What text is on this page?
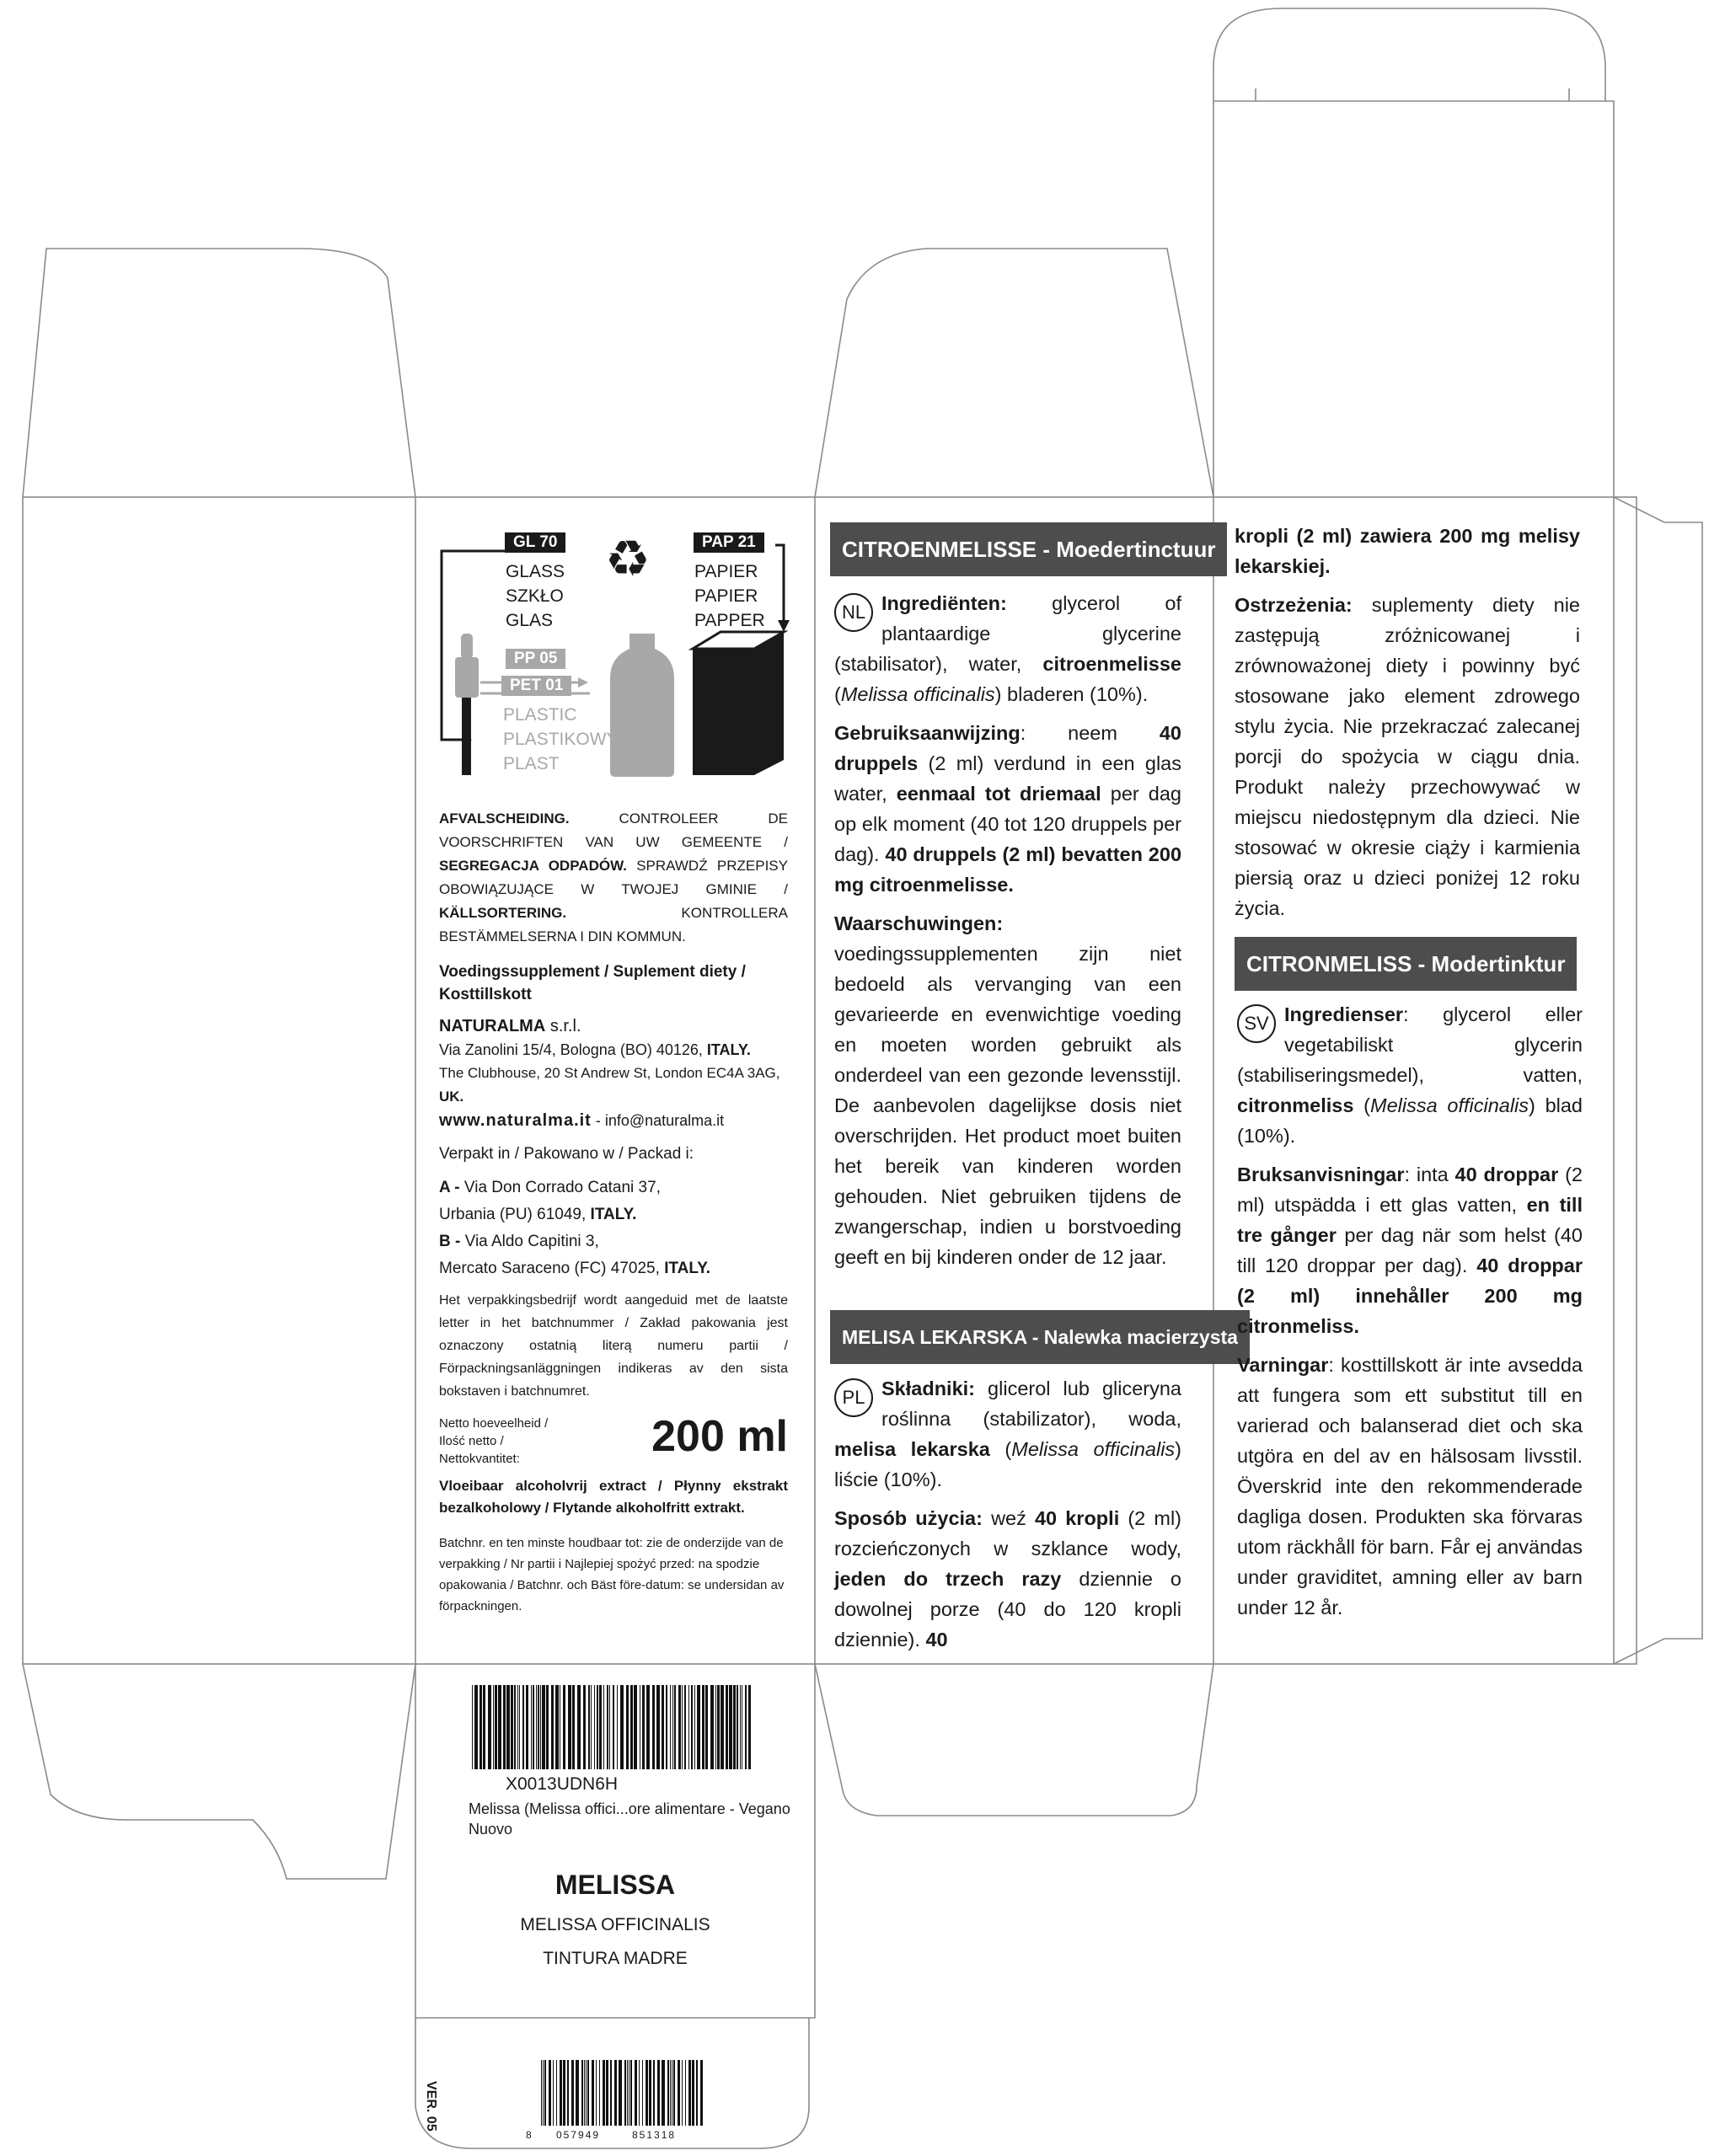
♻
GL 70
GLASS
SZKŁO
GLAS
PAP 21
PAPIER
PAPIER
PAPPER
PP 05
PET 01
PLASTIC
PLASTIKOWY
PLAST
AFVALSCHEIDING. CONTROLEER DE VOORSCHRIFTEN VAN UW GEMEENTE / SEGREGACJA ODPADÓW. SPRAWDŹ PRZEPISY OBOWIĄZUJĄCE W TWOJEJ GMINIE / KÄLLSORTERING. KONTROLLERA BESTÄMMELSERNA I DIN KOMMUN.
Voedingssupplement / Suplement diety / Kosttillskott
NATURALMA s.r.l.
Via Zanolini 15/4, Bologna (BO) 40126, ITALY.
The Clubhouse, 20 St Andrew St, London EC4A 3AG, UK.
www.naturalma.it - info@naturalma.it
Verpakt in / Pakowano w / Packad i:
A - Via Don Corrado Catani 37,
Urbania (PU) 61049, ITALY.
B - Via Aldo Capitini 3,
Mercato Saraceno (FC) 47025, ITALY.
Het verpakkingsbedrijf wordt aangeduid met de laatste letter in het batchnummer / Zakład pakowania jest oznaczony ostatnią literą numeru partii / Förpackningsanläggningen indikeras av den sista bokstaven i batchnumret.
Netto hoeveelheid / Ilość netto / Nettokvantitet:	200 ml
Vloeibaar alcoholvrij extract / Płynny ekstrakt bezalkoholowy / Flytande alkoholfritt extrakt.
Batchnr. en ten minste houdbaar tot: zie de onderzijde van de verpakking / Nr partii i Najlepiej spożyć przed: na spodzie opakowania / Batchnr. och Bäst före-datum: se undersidan av förpackningen.
CITROENMELISSE - Moedertinctuur

NL Ingrediënten: glycerol of plantaardige glycerine (stabilisator), water, citroenmelisse (Melissa officinalis) bladeren (10%).

Gebruiksaanwijzing: neem 40 druppels (2 ml) verdund in een glas water, eenmaal tot driemaal per dag op elk moment (40 tot 120 druppels per dag). 40 druppels (2 ml) bevatten 200 mg citroenmelisse.

Waarschuwingen: voedingssupplementen zijn niet bedoeld als vervanging van een gevarieerde en evenwichtige voeding en moeten worden gebruikt als onderdeel van een gezonde levensstijl. De aanbevolen dagelijkse dosis niet overschrijden. Het product moet buiten het bereik van kinderen worden gehouden. Niet gebruiken tijdens de zwangerschap, indien u borstvoeding geeft en bij kinderen onder de 12 jaar.

MELISA LEKARSKA - Nalewka macierzysta

PL Składniki: glicerol lub gliceryna roślinna (stabilizator), woda, melisa lekarska (Melissa officinalis) liście (10%).

Sposób użycia: weź 40 kropli (2 ml) rozcieńczonych w szklance wody, jeden do trzech razy dziennie o dowolnej porze (40 do 120 kropli dziennie). 40

kropli (2 ml) zawiera 200 mg melisy lekarskiej.

Ostrzeżenia: suplementy diety nie zastępują zróżnicowanej i zrównoważonej diety i powinny być stosowane jako element zdrowego stylu życia. Nie przekraczać zalecanej porcji do spożycia w ciągu dnia. Produkt należy przechowywać w miejscu niedostępnym dla dzieci. Nie stosować w okresie ciąży i karmienia piersią oraz u dzieci poniżej 12 roku życia.

CITRONMELISS - Modertinktur

SV Ingredienser: glycerol eller vegetabiliskt glycerin (stabiliseringsmedel), vatten, citronmeliss (Melissa officinalis) blad (10%).

Bruksanvisningar: inta 40 droppar (2 ml) utspädda i ett glas vatten, en till tre gånger per dag när som helst (40 till 120 droppar per dag). 40 droppar (2 ml) innehåller 200 mg citronmeliss.

Varningar: kosttillskott är inte avsedda att fungera som ett substitut till en varierad och balanserad diet och ska utgöra en del av en hälsosam livsstil. Överskrid inte den rekommenderade dagliga dosen. Produkten ska förvaras utom räckhåll för barn. Får ej användas under graviditet, amning eller av barn under 12 år.

X0013UDN6H
Melissa (Melissa offici...ore alimentare - Vegano
Nuovo
MELISSA
MELISSA OFFICINALIS
TINTURA MADRE
VER. 05
8 057949	851318
